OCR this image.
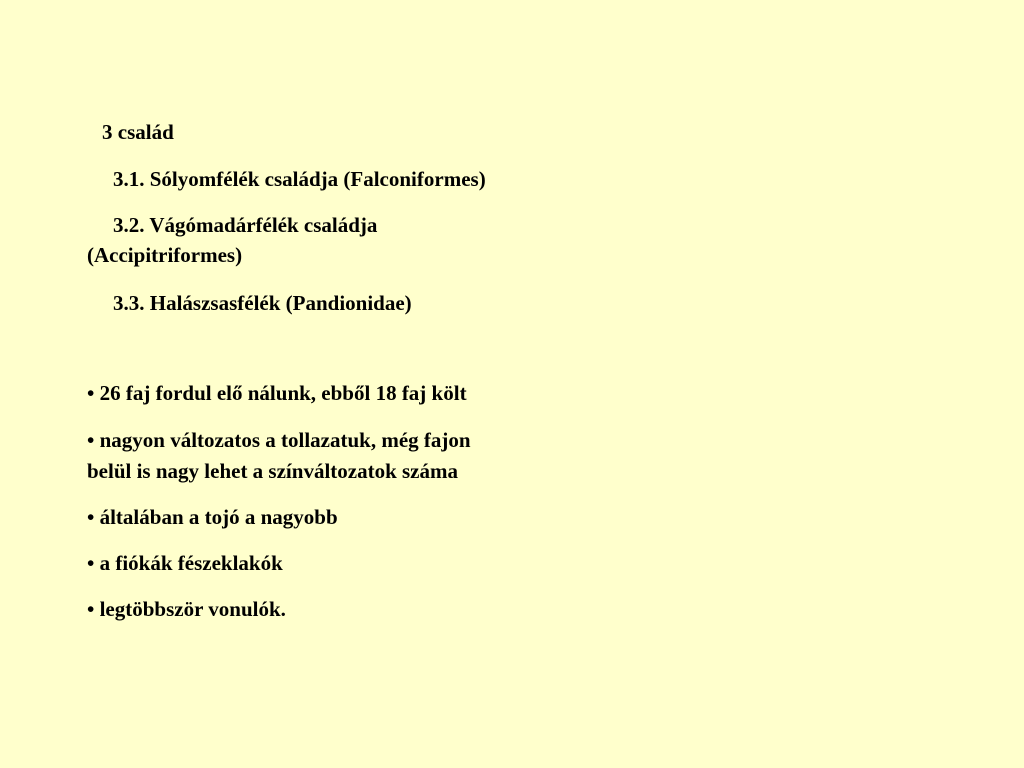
3 család

3.1. Sólyomfélék családja (Falconiformes)

3.2. Vágómadárfélék családja

(Accipitriformes)

3.3. Halászsasfélék (Pandionidae)

• 26 faj fordul elő nálunk, ebből 18 faj költ

• nagyon változatos a tollazatuk, még fajon

belül is nagy lehet a színváltozatok száma

• általában a tojó a nagyobb

• a fiókák fészeklakók

• legtöbbször vonulók.
